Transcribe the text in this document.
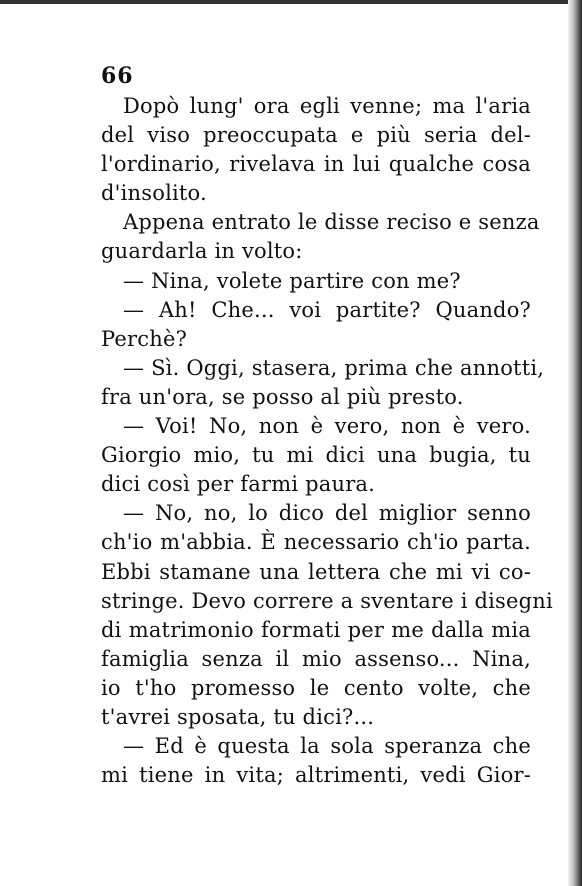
66
Dopò lung' ora egli venne; ma l'aria
del viso preoccupata e più seria del-
l'ordinario, rivelava in lui qualche cosa
d'insolito.
Appena entrato le disse reciso e senza
guardarla in volto:
— Nina, volete partire con me?
— Ah! Che... voi partite? Quando?
Perchè?
— Sì. Oggi, stasera, prima che annotti,
fra un'ora, se posso al più presto.
— Voi! No, non è vero, non è vero.
Giorgio mio, tu mi dici una bugia, tu
dici così per farmi paura.
— No, no, lo dico del miglior senno
ch'io m'abbia. È necessario ch'io parta.
Ebbi stamane una lettera che mi vi co-
stringe. Devo correre a sventare i disegni
di matrimonio formati per me dalla mia
famiglia senza il mio assenso... Nina,
io t'ho promesso le cento volte, che
t'avrei sposata, tu dici?...
— Ed è questa la sola speranza che
mi tiene in vita; altrimenti, vedi Gior-
